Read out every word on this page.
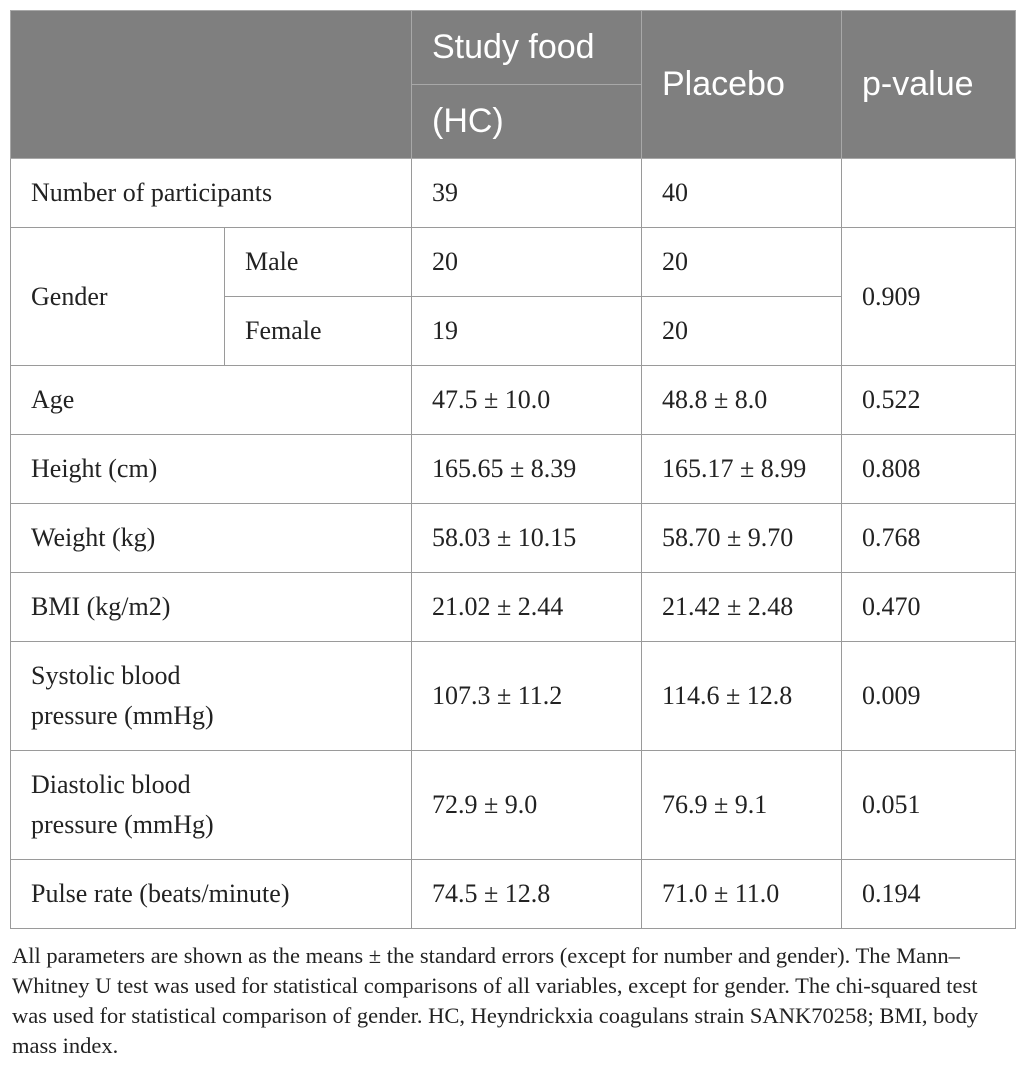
		Study food	Placebo	p-value
		(HC)		
Number of participants		39	40	
Gender	Male	20	20	0.909
	Female	19	20	
Age		47.5 ± 10.0	48.8 ± 8.0	0.522
Height (cm)		165.65 ± 8.39	165.17 ± 8.99	0.808
Weight (kg)		58.03 ± 10.15	58.70 ± 9.70	0.768
BMI (kg/m2)		21.02 ± 2.44	21.42 ± 2.48	0.470
Systolic blood
pressure (mmHg)		107.3 ± 11.2	114.6 ± 12.8	0.009
Diastolic blood
pressure (mmHg)		72.9 ± 9.0	76.9 ± 9.1	0.051
Pulse rate (beats/minute)		74.5 ± 12.8	71.0 ± 11.0	0.194

All parameters are shown as the means ± the standard errors (except for number and gender). The Mann–Whitney U test was used for statistical comparisons of all variables, except for gender. The chi-squared test was used for statistical comparison of gender. HC, Heyndrickxia coagulans strain SANK70258; BMI, body mass index.
